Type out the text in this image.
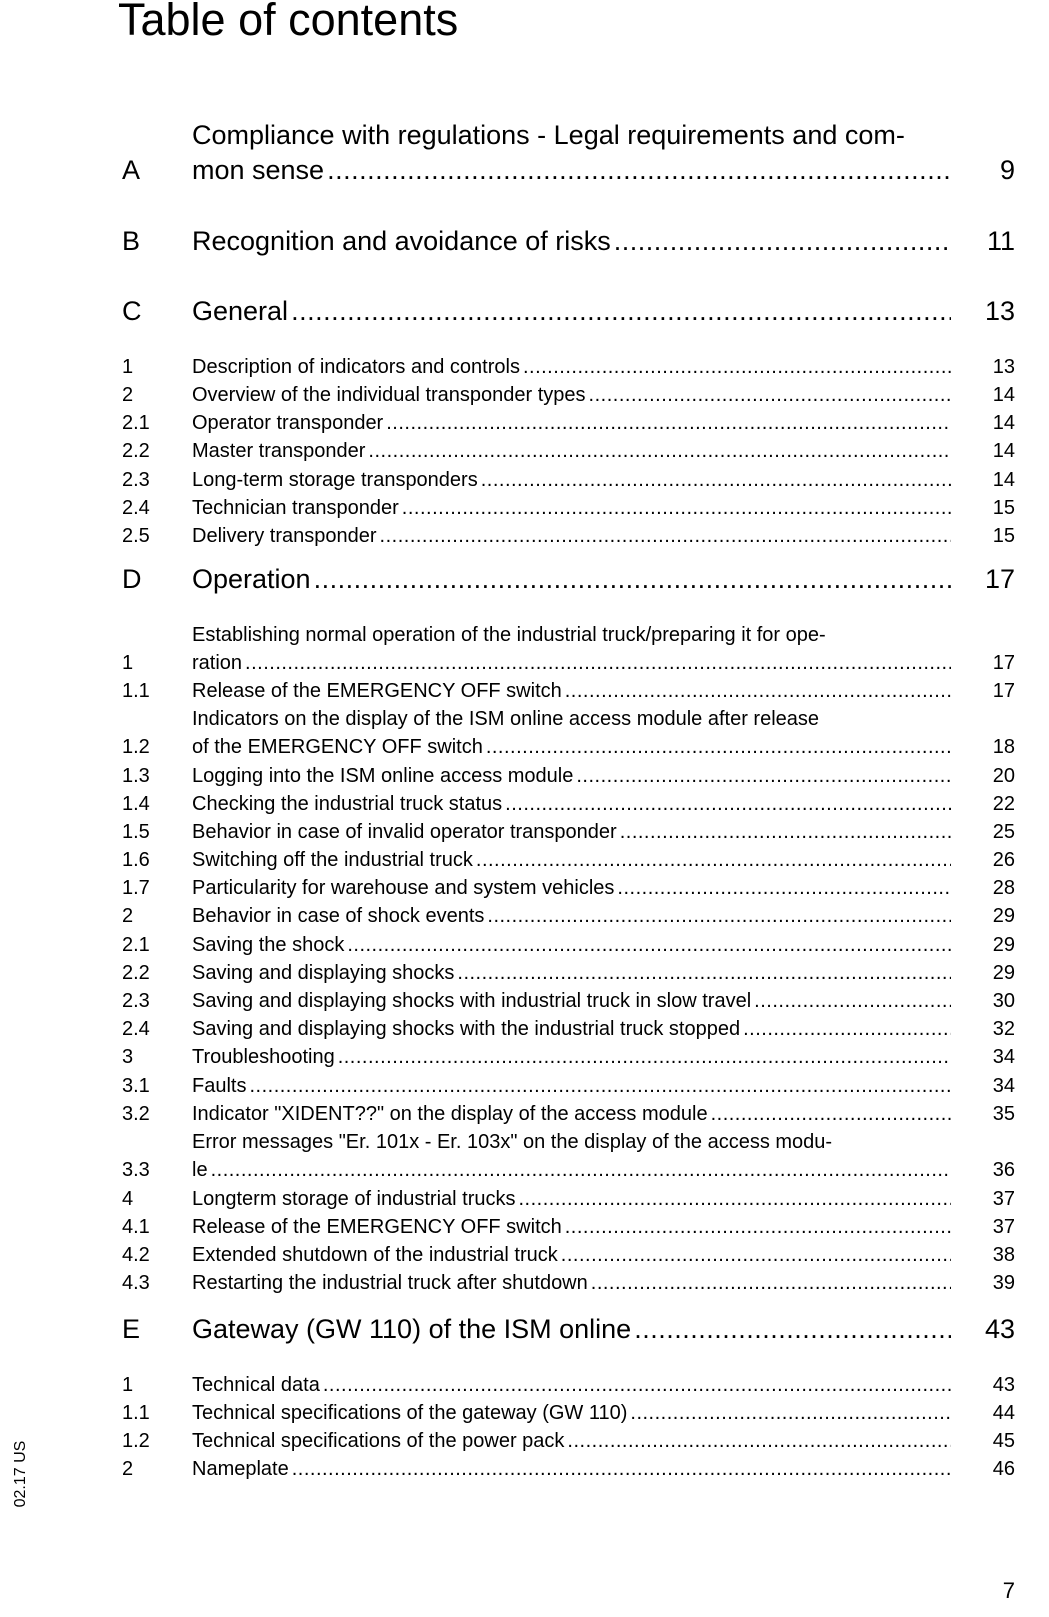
Table of contents
Compliance with regulations - Legal requirements and com-
A	mon sense .....	9
B	Recognition and avoidance of risks .....	11
C	General .....	13
1	Description of indicators and controls .....	13
2	Overview of the individual transponder types .....	14
2.1	Operator transponder .....	14
2.2	Master transponder .....	14
2.3	Long-term storage transponders .....	14
2.4	Technician transponder .....	15
2.5	Delivery transponder .....	15
D	Operation .....	17
Establishing normal operation of the industrial truck/preparing it for ope-
1	ration .....	17
1.1	Release of the EMERGENCY OFF switch .....	17
Indicators on the display of the ISM online access module after release
1.2	of the EMERGENCY OFF switch .....	18
1.3	Logging into the ISM online access module .....	20
1.4	Checking the industrial truck status .....	22
1.5	Behavior in case of invalid operator transponder .....	25
1.6	Switching off the industrial truck .....	26
1.7	Particularity for warehouse and system vehicles .....	28
2	Behavior in case of shock events .....	29
2.1	Saving the shock .....	29
2.2	Saving and displaying shocks .....	29
2.3	Saving and displaying shocks with industrial truck in slow travel .....	30
2.4	Saving and displaying shocks with the industrial truck stopped .....	32
3	Troubleshooting .....	34
3.1	Faults .....	34
3.2	Indicator "XIDENT??" on the display of the access module .....	35
Error messages "Er. 101x - Er. 103x" on the display of the access modu-
3.3	le .....	36
4	Longterm storage of industrial trucks .....	37
4.1	Release of the EMERGENCY OFF switch .....	37
4.2	Extended shutdown of the industrial truck .....	38
4.3	Restarting the industrial truck after shutdown .....	39
E	Gateway (GW 110) of the ISM online .....	43
1	Technical data .....	43
1.1	Technical specifications of the gateway (GW 110) .....	44
1.2	Technical specifications of the power pack .....	45
2	Nameplate .....	46
02.17 US
7
